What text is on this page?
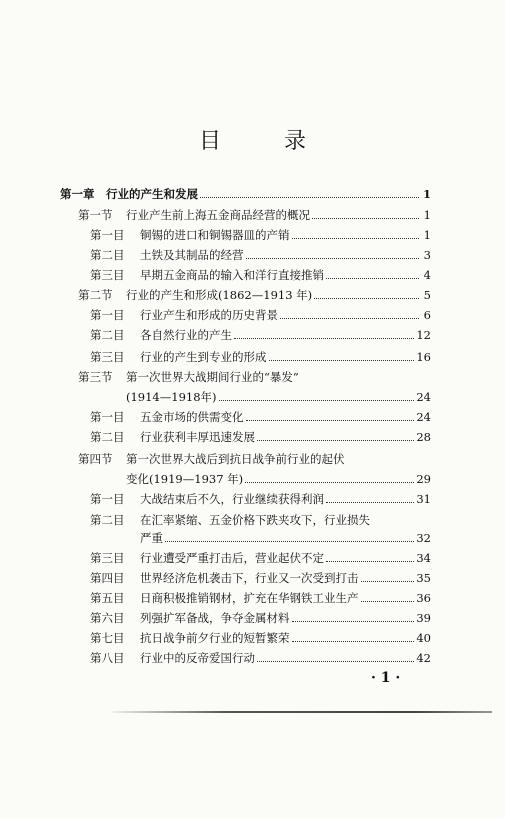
目 录
第一章	行业的产生和发展	1
第一节	行业产生前上海五金商品经营的概况	1
第一目	铜锡的进口和铜锡器皿的产销	1
第二目	土铁及其制品的经营	3
第三目	早期五金商品的输入和洋行直接推销	4
第二节	行业的产生和形成(1862—1913 年)	5
第一目	行业产生和形成的历史背景	6
第二目	各自然行业的产生	12
第三目	行业的产生到专业的形成	16
第三节	第一次世界大战期间行业的“暴发”
(1914—1918年)	24
第一目	五金市场的供需变化	24
第二目	行业获利丰厚迅速发展	28
第四节	第一次世界大战后到抗日战争前行业的起伏
变化(1919—1937 年)	29
第一目	大战结束后不久，行业继续获得利润	31
第二目	在汇率紧缩、五金价格下跌夹攻下，行业损失
严重	32
第三目	行业遭受严重打击后，营业起伏不定	34
第四目	世界经济危机袭击下，行业又一次受到打击	35
第五目	日商积极推销钢材，扩充在华钢铁工业生产	36
第六目	列强扩军备战，争夺金属材料	39
第七目	抗日战争前夕行业的短暂繁荣	40
第八目	行业中的反帝爱国行动	42
· 1 ·
